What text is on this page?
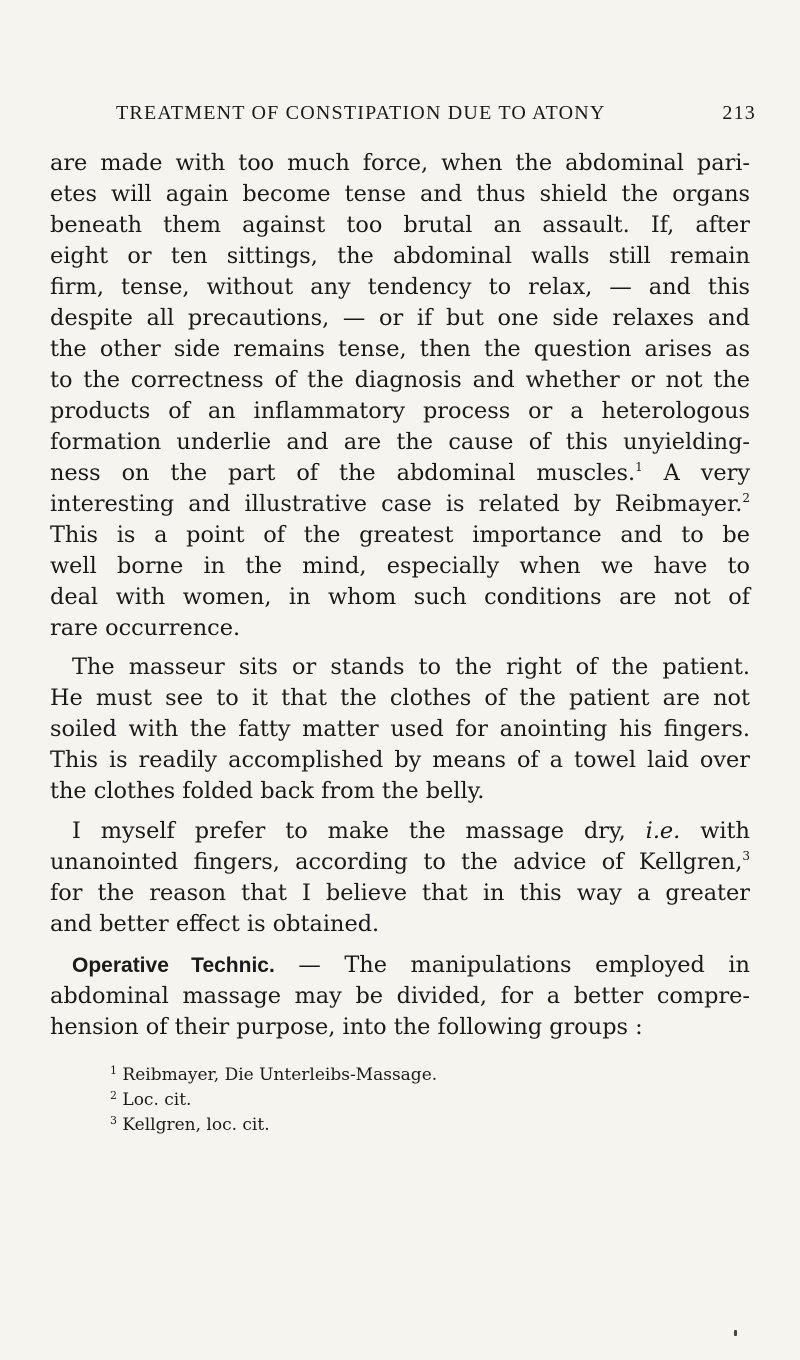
TREATMENT OF CONSTIPATION DUE TO ATONY	213
are made with too much force, when the abdominal pari-
etes will again become tense and thus shield the organs
beneath them against too brutal an assault. If, after
eight or ten sittings, the abdominal walls still remain
firm, tense, without any tendency to relax, — and this
despite all precautions, — or if but one side relaxes and
the other side remains tense, then the question arises as
to the correctness of the diagnosis and whether or not the
products of an inflammatory process or a heterologous
formation underlie and are the cause of this unyielding-
ness on the part of the abdominal muscles.$^1$ A very
interesting and illustrative case is related by Reibmayer.$^2$
This is a point of the greatest importance and to be
well borne in the mind, especially when we have to
deal with women, in whom such conditions are not of
rare occurrence.
The masseur sits or stands to the right of the patient.
He must see to it that the clothes of the patient are not
soiled with the fatty matter used for anointing his fingers.
This is readily accomplished by means of a towel laid over
the clothes folded back from the belly.
I myself prefer to make the massage dry, i.e. with
unanointed fingers, according to the advice of Kellgren,$^3$
for the reason that I believe that in this way a greater
and better effect is obtained.
Operative Technic. — The manipulations employed in
abdominal massage may be divided, for a better compre-
hension of their purpose, into the following groups :
$^1$ Reibmayer, Die Unterleibs-Massage.
$^2$ Loc. cit.
$^3$ Kellgren, loc. cit.
